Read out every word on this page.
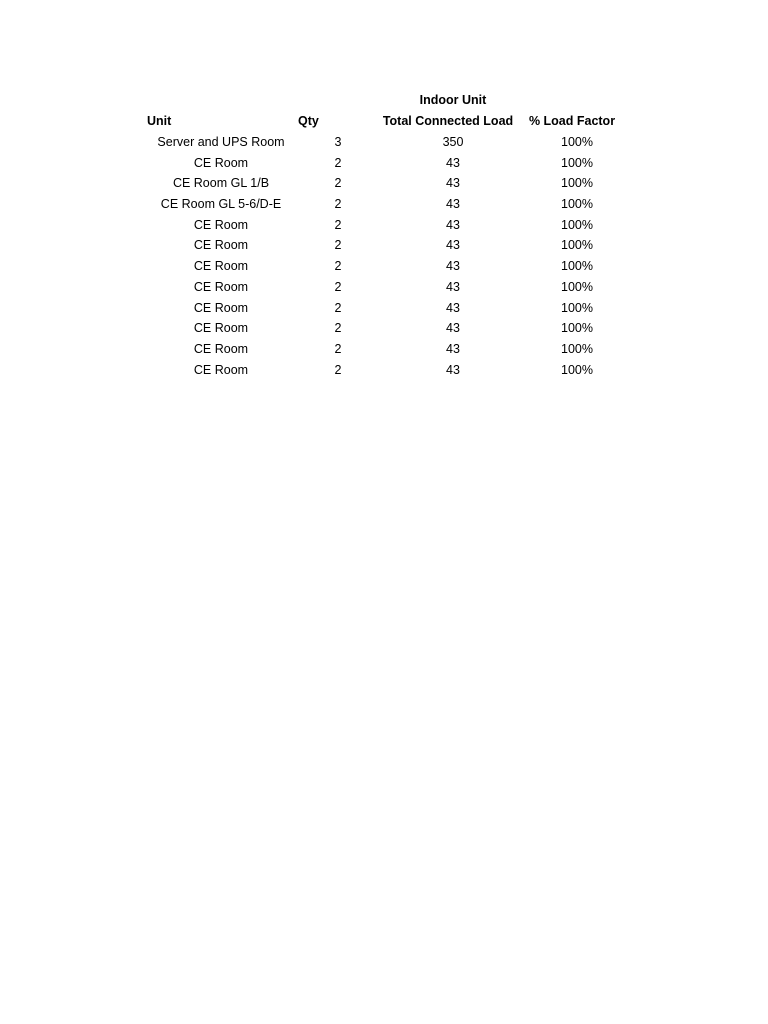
Indoor Unit
Unit	Qty	Total Connected Load	% Load Factor
Server and UPS Room	3	350	100%
CE Room	2	43	100%
CE Room GL 1/B	2	43	100%
CE Room GL 5-6/D-E	2	43	100%
CE Room	2	43	100%
CE Room	2	43	100%
CE Room	2	43	100%
CE Room	2	43	100%
CE Room	2	43	100%
CE Room	2	43	100%
CE Room	2	43	100%
CE Room	2	43	100%
